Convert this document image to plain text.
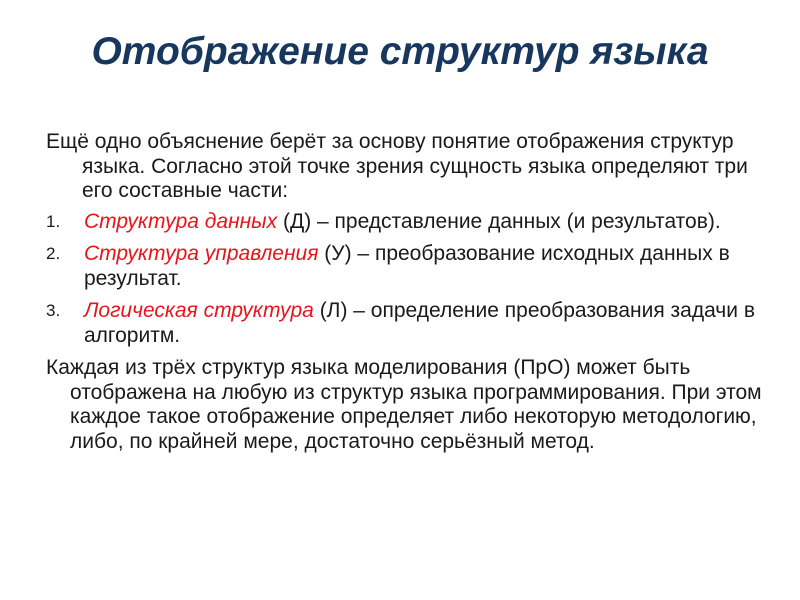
Отображение структур языка

Ещё одно объяснение берёт за основу понятие отображения структур языка. Согласно этой точке зрения сущность языка определяют три его составные части:

1. Структура данных (Д) – представление данных (и результатов).
2. Структура управления (У) – преобразование исходных данных в результат.
3. Логическая структура (Л) – определение преобразования задачи в алгоритм.

Каждая из трёх структур языка моделирования (ПрО) может быть отображена на любую из структур языка программирования. При этом каждое такое отображение определяет либо некоторую методологию, либо, по крайней мере, достаточно серьёзный метод.
